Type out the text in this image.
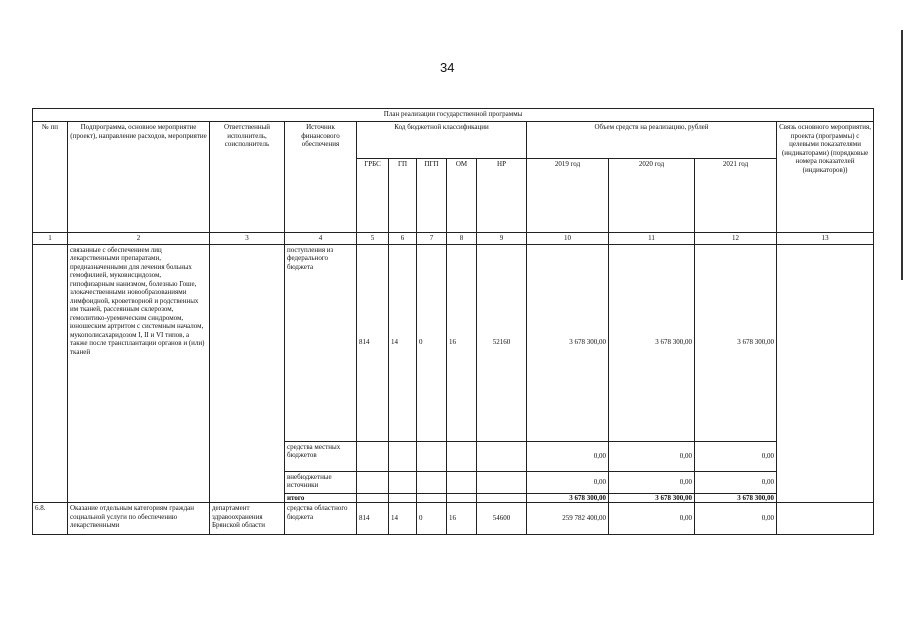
34
План реализации государственной программы												
№ пп	Подпрограмма, основное мероприятие (проект), направление расходов, мероприятие	Ответственный исполнитель, соисполнитель	Источник финансового обеспечения	Код бюджетной классификации					Объем средств на реализацию, рублей			Связь основного мероприятия, проекта (программы) с целевыми показателями (индикаторами) (порядковые номера показателей (индикаторов))
				ГРБС	ГП	ПГП	ОМ	НР	2019 год	2020 год	2021 год	
1	2	3	4	5	6	7	8	9	10	11	12	13
	связанные с обеспечением лиц лекарственными препаратами, предназначенными для лечения больных гемофилией, муковисцидозом, гипофизарным нанизмом, болезнью Гоше, злокачественными новообразованиями лимфоидной, кроветворной и родственных им тканей, рассеянным склерозом, гемолитико-уремическим синдромом, юношеским артритом с системным началом, мукополисахаридозом I, II и VI типов, а также после трансплантации органов и (или) тканей		поступления из федерального бюджета	814	14	0	16	52160	3 678 300,00	3 678 300,00	3 678 300,00	
			средства местных бюджетов						0,00	0,00	0,00	
			внебюджетные источники						0,00	0,00	0,00	
			итого						3 678 300,00	3 678 300,00	3 678 300,00	
6.8.	Оказание отдельным категориям граждан социальной услуги по обеспечению лекарственными	департамент здравоохранения Брянской области	средства областного бюджета	814	14	0	16	54600	259 782 400,00	0,00	0,00	
